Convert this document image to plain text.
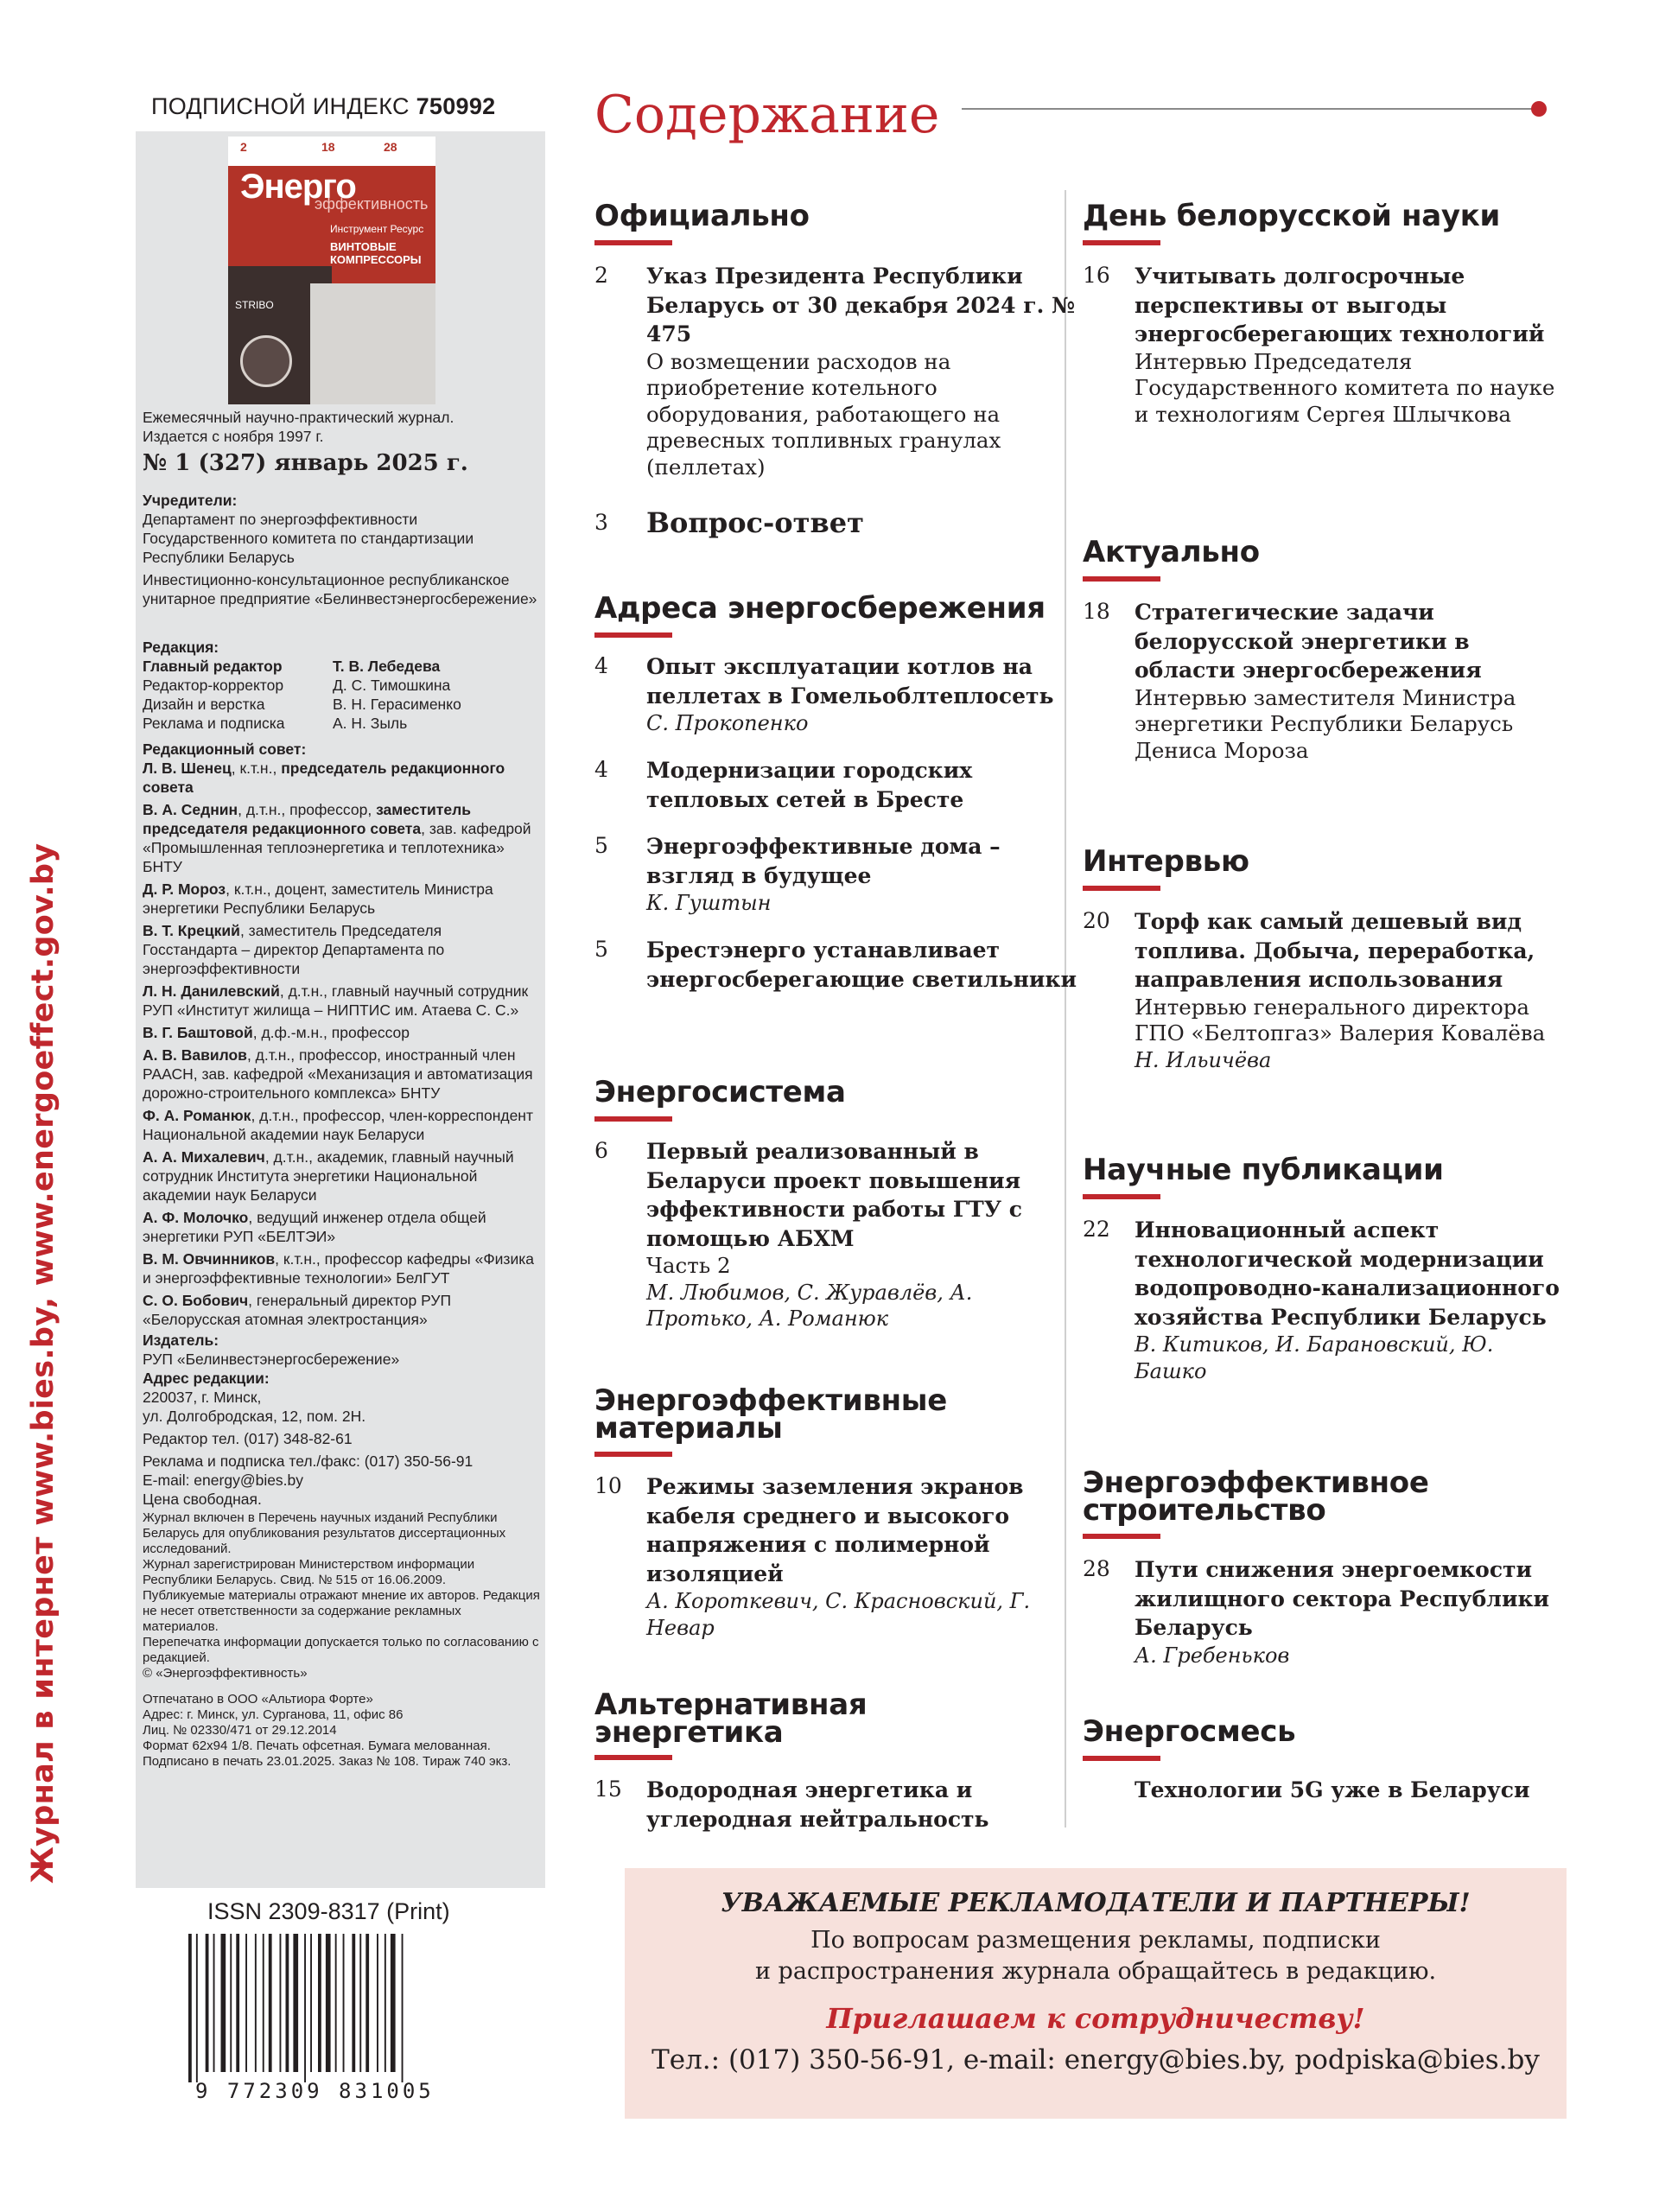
ПОДПИСНОЙ ИНДЕКС 750992
2	18	28
Энерго
эффективность
Инструмент Ресурс
ВИНТОВЫЕ КОМПРЕССОРЫ
STRIBO
Ежемесячный научно-практический журнал.
Издается с ноября 1997 г.
№ 1 (327) январь 2025 г.
Учредители:
Департамент по энергоэффективности Государственного комитета по стандартизации Республики Беларусь
Инвестиционно-консультационное республиканское унитарное предприятие «Белинвестэнергосбережение»
Редакция:
Главный редактор	Т. В. Лебедева
Редактор-корректор	Д. С. Тимошкина
Дизайн и верстка	В. Н. Герасименко
Реклама и подписка	А. Н. Зыль
Редакционный совет:
Л. В. Шенец, к.т.н., председатель редакционного совета
В. А. Седнин, д.т.н., профессор, заместитель председателя редакционного совета, зав. кафедрой «Промышленная теплоэнергетика и теплотехника» БНТУ
Д. Р. Мороз, к.т.н., доцент, заместитель Министра энергетики Республики Беларусь
В. Т. Крецкий, заместитель Председателя Госстандарта – директор Департамента по энергоэффективности
Л. Н. Данилевский, д.т.н., главный научный сотрудник РУП «Институт жилища – НИПТИС им. Атаева С. С.»
В. Г. Баштовой, д.ф.-м.н., профессор
А. В. Вавилов, д.т.н., профессор, иностранный член РААСН, зав. кафедрой «Механизация и автоматизация дорожно-строительного комплекса» БНТУ
Ф. А. Романюк, д.т.н., профессор, член-корреспондент Национальной академии наук Беларуси
А. А. Михалевич, д.т.н., академик, главный научный сотрудник Института энергетики Национальной академии наук Беларуси
А. Ф. Молочко, ведущий инженер отдела общей энергетики РУП «БЕЛТЭИ»
В. М. Овчинников, к.т.н., профессор кафедры «Физика и энергоэффективные технологии» БелГУТ
С. О. Бобович, генеральный директор РУП «Белорусская атомная электростанция»
Издатель:
РУП «Белинвестэнергосбережение»
Адрес редакции:
220037, г. Минск,
ул. Долгобродская, 12, пом. 2Н.
Редактор тел. (017) 348-82-61
Реклама и подписка тел./факс: (017) 350-56-91
E-mail: energy@bies.by
Цена свободная.
Журнал включен в Перечень научных изданий Республики Беларусь для опубликования результатов диссертационных исследований.
Журнал зарегистрирован Министерством информации Республики Беларусь. Свид. № 515 от 16.06.2009.
Публикуемые материалы отражают мнение их авторов. Редакция не несет ответственности за содержание рекламных материалов.
Перепечатка информации допускается только по согласованию с редакцией.
© «Энергоэффективность»
Отпечатано в ООО «Альтиора Форте»
Адрес: г. Минск, ул. Сурганова, 11, офис 86
Лиц. № 02330/471 от 29.12.2014
Формат 62х94 1/8. Печать офсетная. Бумага мелованная.
Подписано в печать 23.01.2025. Заказ № 108. Тираж 740 экз.
Журнал в интернет www.bies.by, www.energoeffect.gov.by
ISSN 2309-8317 (Print)
9 772309 831005
Содержание
Официально
2	Указ Президента Республики Беларусь от 30 декабря 2024 г. № 475
О возмещении расходов на приобретение котельного оборудования, работающего на древесных топливных гранулах (пеллетах)
3	Вопрос-ответ
Адреса энергосбережения
4	Опыт эксплуатации котлов на пеллетах в Гомельоблтеплосеть
С. Прокопенко
4	Модернизации городских тепловых сетей в Бресте
5	Энергоэффективные дома – взгляд в будущее
К. Гуштын
5	Брестэнерго устанавливает энергосберегающие светильники
Энергосистема
6	Первый реализованный в Беларуси проект повышения эффективности работы ГТУ с помощью АБХМ
Часть 2
М. Любимов, С. Журавлёв, А. Протько, А. Романюк
Энергоэффективные материалы
10	Режимы заземления экранов кабеля среднего и высокого напряжения с полимерной изоляцией
А. Короткевич, С. Красновский, Г. Невар
Альтернативная энергетика
15	Водородная энергетика и углеродная нейтральность
День белорусской науки
16	Учитывать долгосрочные перспективы от выгоды энергосберегающих технологий
Интервью Председателя Государственного комитета по науке и технологиям Сергея Шлычкова
Актуально
18	Стратегические задачи белорусской энергетики в области энергосбережения
Интервью заместителя Министра энергетики Республики Беларусь Дениса Мороза
Интервью
20	Торф как самый дешевый вид топлива. Добыча, переработка, направления использования
Интервью генерального директора ГПО «Белтопгаз» Валерия Ковалёва
Н. Ильичёва
Научные публикации
22	Инновационный аспект технологической модернизации водопроводно-канализационного хозяйства Республики Беларусь
В. Китиков, И. Барановский, Ю. Башко
Энергоэффективное строительство
28	Пути снижения энергоемкости жилищного сектора Республики Беларусь
А. Гребеньков
Энергосмесь
Технологии 5G уже в Беларуси
УВАЖАЕМЫЕ РЕКЛАМОДАТЕЛИ И ПАРТНЕРЫ!
По вопросам размещения рекламы, подписки
и распространения журнала обращайтесь в редакцию.
Приглашаем к сотрудничеству!
Тел.: (017) 350-56-91, e-mail: energy@bies.by, podpiska@bies.by
